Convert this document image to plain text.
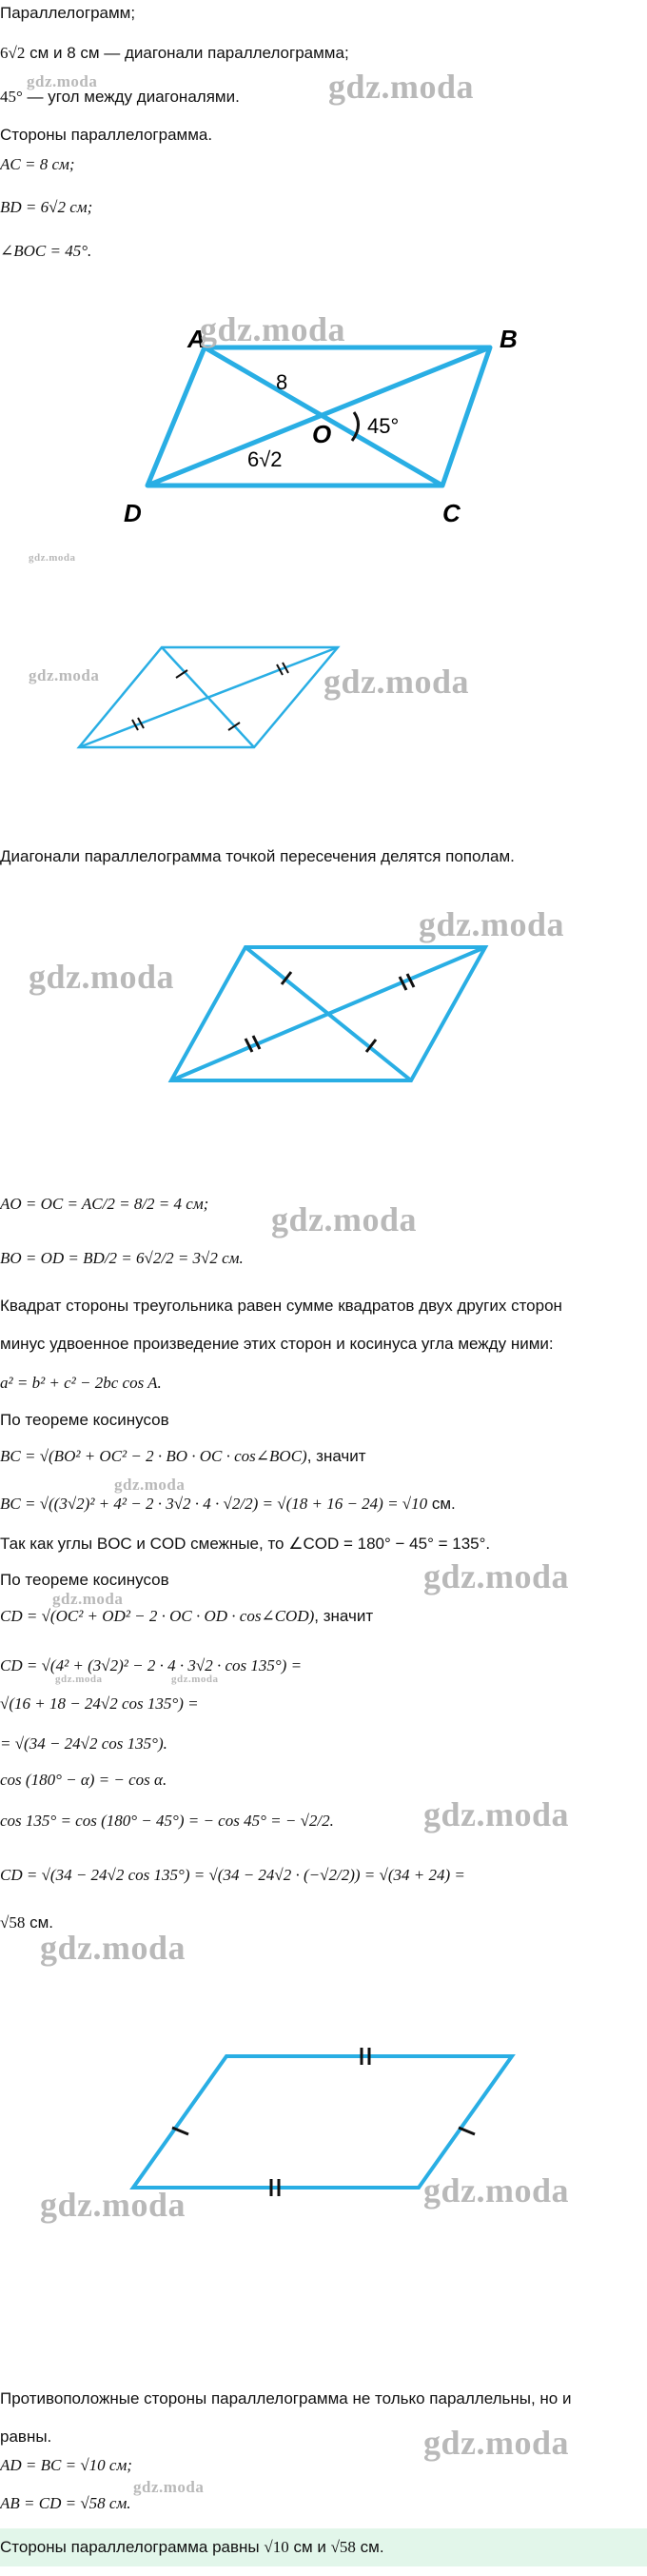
Параллелограмм;
6√2 см и 8 см — диагонали параллелограмма;
45° — угол между диагоналями.
Стороны параллелограмма.
AC = 8 см;
BD = 6√2 см;
∠BOC = 45°.
A	B
C
D
O
8
6√2
45°
Диагонали параллелограмма точкой пересечения делятся пополам.
AO = OC = AC/2 = 8/2 = 4 см;
BO = OD = BD/2 = 6√2/2 = 3√2 см.
Квадрат стороны треугольника равен сумме квадратов двух других сторон
минус удвоенное произведение этих сторон и косинуса угла между ними:
a² = b² + c² − 2bc cos A.
По теореме косинусов
BC = √(BO² + OC² − 2 · BO · OC · cos∠BOC), значит
BC = √((3√2)² + 4² − 2 · 3√2 · 4 · √2/2) = √(18 + 16 − 24) = √10 см.
Так как углы BOC и COD смежные, то ∠COD = 180° − 45° = 135°.
По теореме косинусов
CD = √(OC² + OD² − 2 · OC · OD · cos∠COD), значит
CD = √(4² + (3√2)² − 2 · 4 · 3√2 · cos 135°) =
√(16 + 18 − 24√2 cos 135°) =
= √(34 − 24√2 cos 135°).
cos (180° − α) = − cos α.
cos 135° = cos (180° − 45°) = − cos 45° = − √2/2.
CD = √(34 − 24√2 cos 135°) = √(34 − 24√2 · (−√2/2)) = √(34 + 24) =
√58 см.
Противоположные стороны параллелограмма не только параллельны, но и
равны.
AD = BC = √10 см;
AB = CD = √58 см.
Стороны параллелограмма равны √10 см и √58 см.
gdz.moda	gdz.moda
gdz.moda
gdz.moda
gdz.moda	gdz.moda
gdz.moda
gdz.moda
gdz.moda
gdz.moda
gdz.moda
gdz.moda
gdz.moda	gdz.moda
gdz.moda
gdz.moda
gdz.moda	gdz.moda
gdz.moda
gdz.moda
